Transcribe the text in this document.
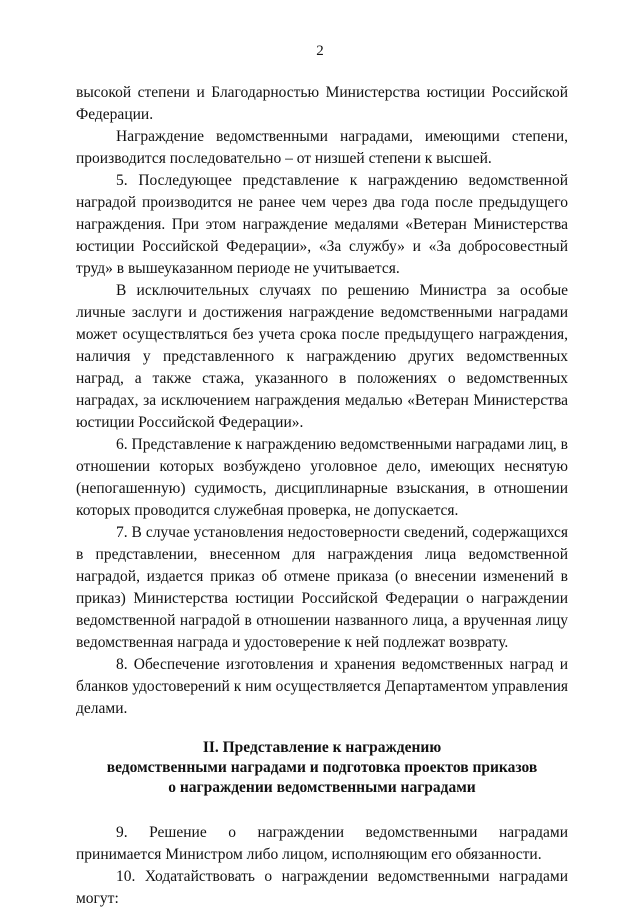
2

высокой степени и Благодарностью Министерства юстиции Российской Федерации.

Награждение ведомственными наградами, имеющими степени, производится последовательно – от низшей степени к высшей.

5. Последующее представление к награждению ведомственной наградой производится не ранее чем через два года после предыдущего награждения. При этом награждение медалями «Ветеран Министерства юстиции Российской Федерации», «За службу» и «За добросовестный труд» в вышеуказанном периоде не учитывается.

В исключительных случаях по решению Министра за особые личные заслуги и достижения награждение ведомственными наградами может осуществляться без учета срока после предыдущего награждения, наличия у представленного к награждению других ведомственных наград, а также стажа, указанного в положениях о ведомственных наградах, за исключением награждения медалью «Ветеран Министерства юстиции Российской Федерации».

6. Представление к награждению ведомственными наградами лиц, в отношении которых возбуждено уголовное дело, имеющих неснятую (непогашенную) судимость, дисциплинарные взыскания, в отношении которых проводится служебная проверка, не допускается.

7. В случае установления недостоверности сведений, содержащихся в представлении, внесенном для награждения лица ведомственной наградой, издается приказ об отмене приказа (о внесении изменений в приказ) Министерства юстиции Российской Федерации о награждении ведомственной наградой в отношении названного лица, а врученная лицу ведомственная награда и удостоверение к ней подлежат возврату.

8. Обеспечение изготовления и хранения ведомственных наград и бланков удостоверений к ним осуществляется Департаментом управления делами.

II. Представление к награждению
ведомственными наградами и подготовка проектов приказов
о награждении ведомственными наградами

9. Решение о награждении ведомственными наградами принимается Министром либо лицом, исполняющим его обязанности.

10. Ходатайствовать о награждении ведомственными наградами могут:
